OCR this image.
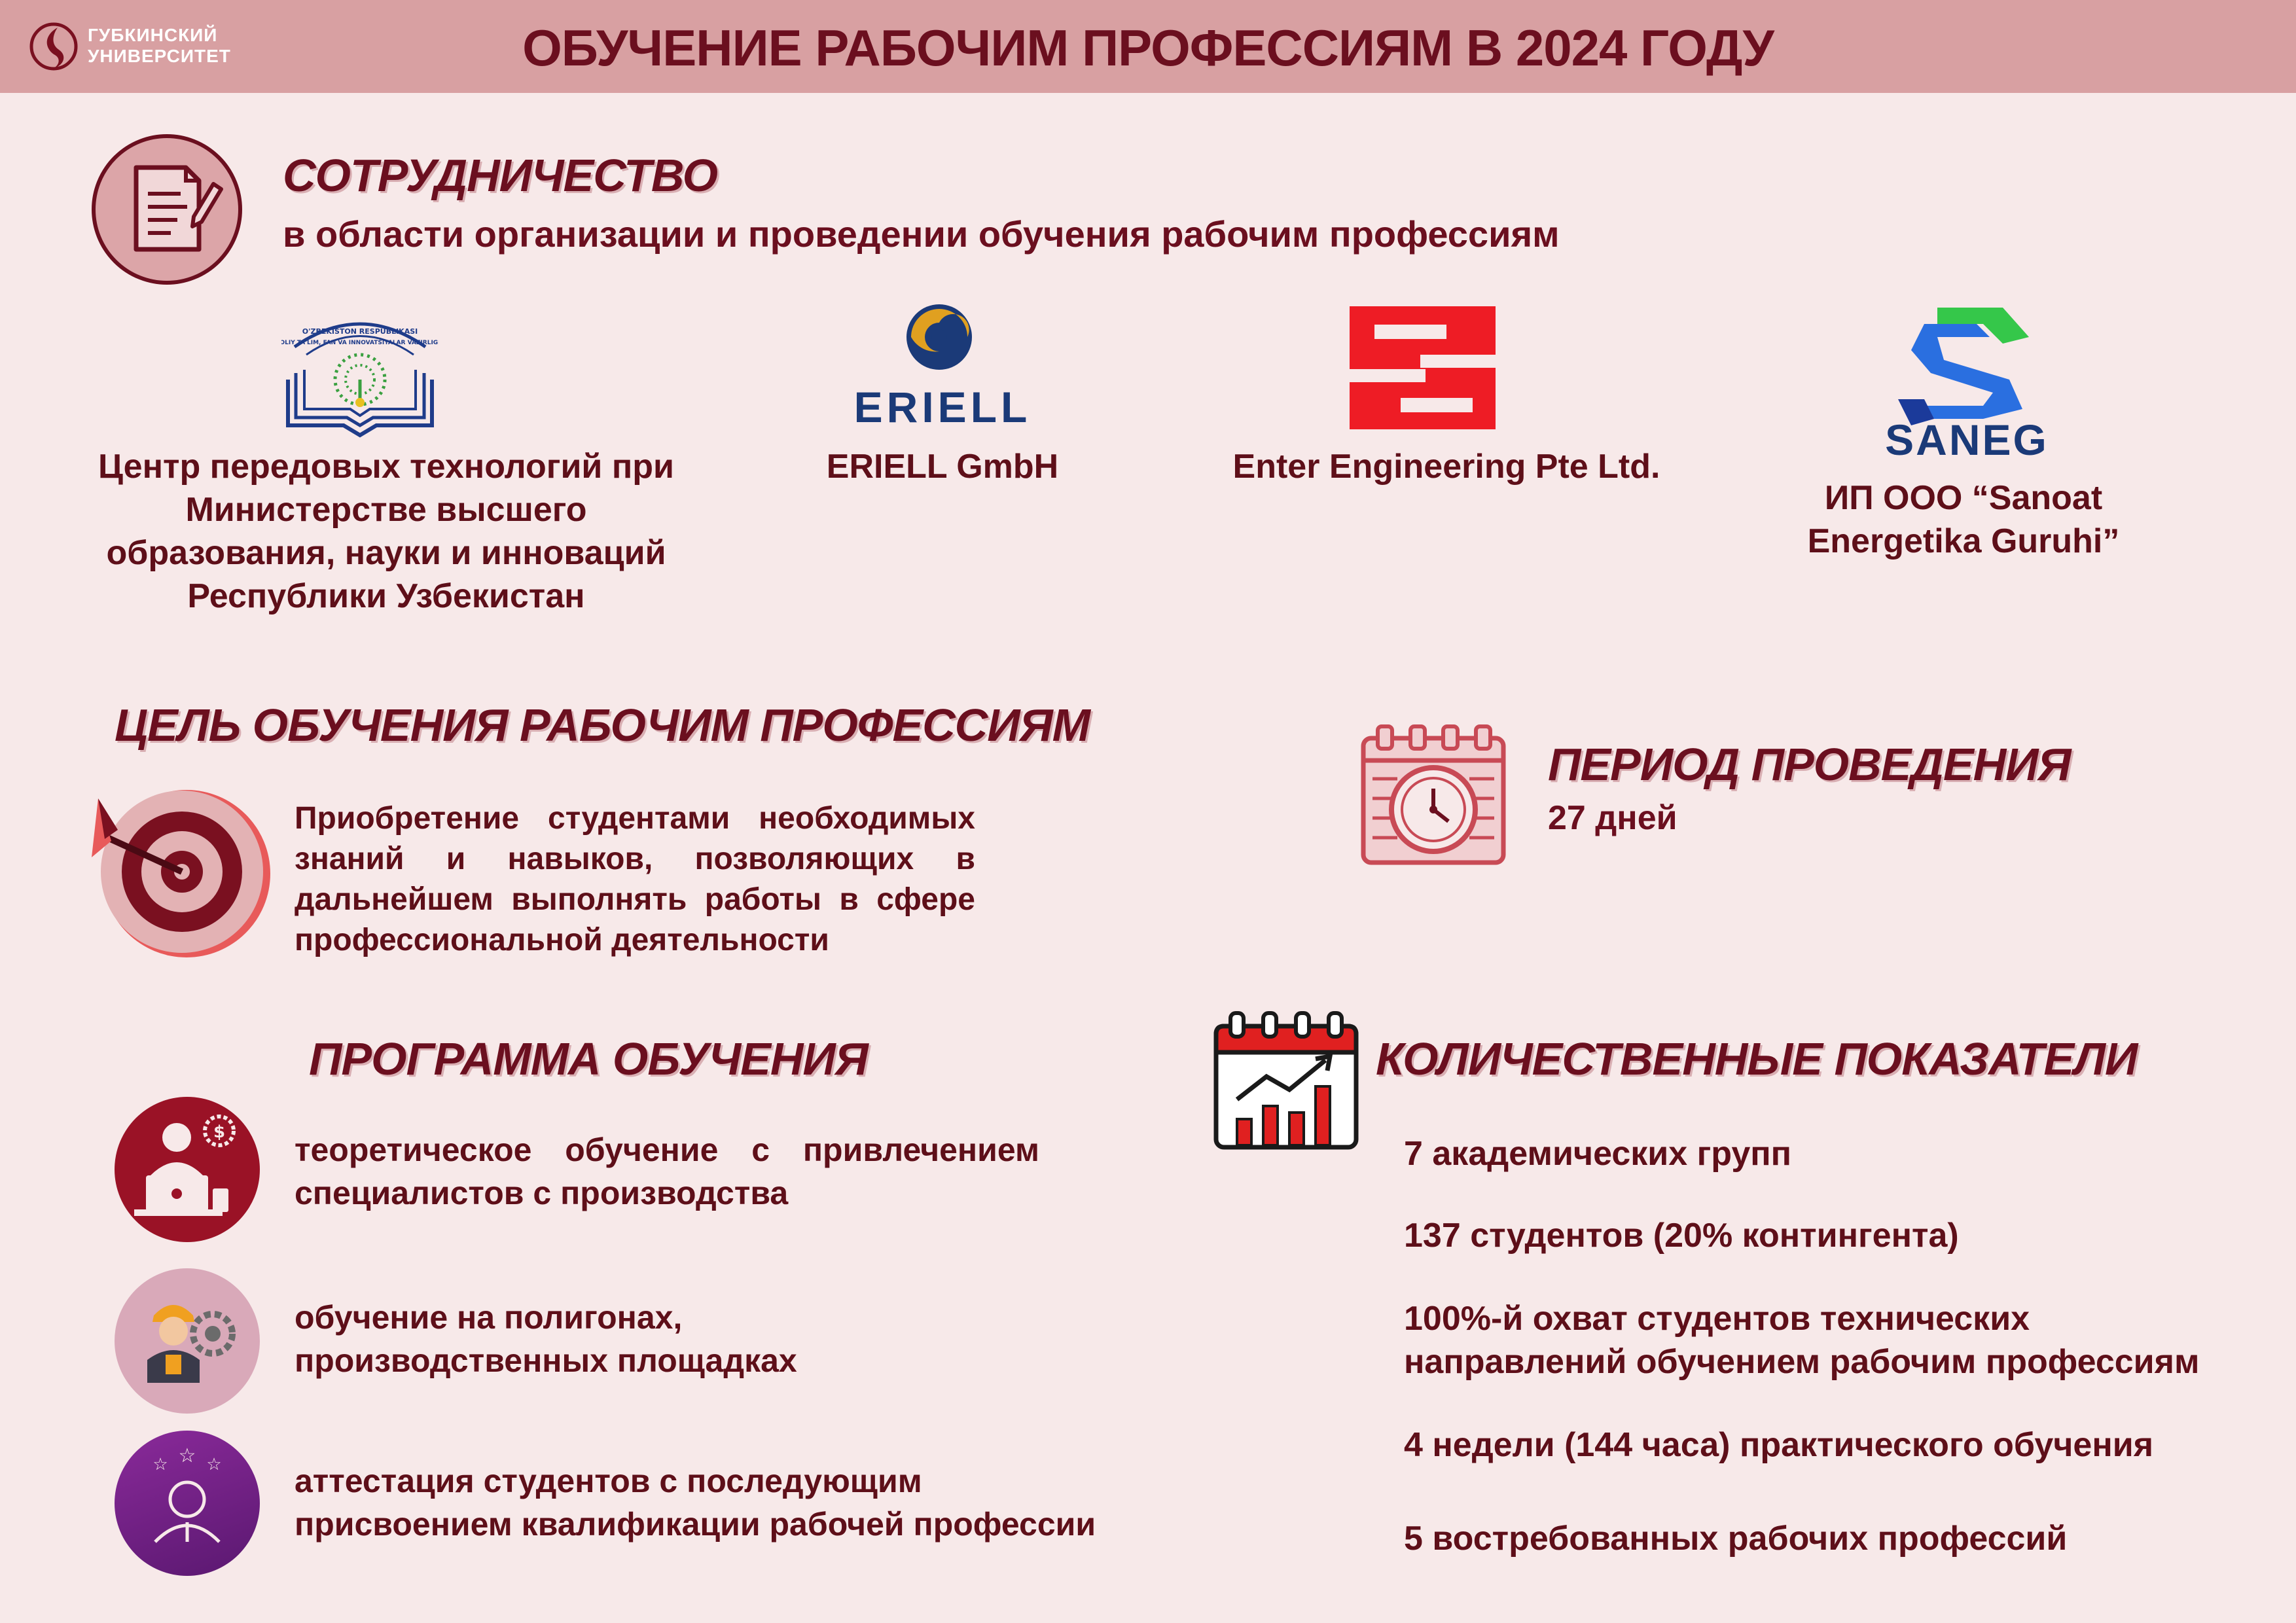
ГУБКИНСКИЙ
УНИВЕРСИТЕТ	ОБУЧЕНИЕ РАБОЧИМ ПРОФЕССИЯМ В 2024 ГОДУ
СОТРУДНИЧЕСТВО
в области организации и проведении обучения рабочим профессиям
O'ZBEKISTON RESPUBLIKASI
OLIY TA'LIM, FAN VA INNOVATSIYALAR VAZIRLIGI
Центр передовых технологий при
Министерстве высшего
образования, науки и инноваций
Республики Узбекистан
ERIELL
ERIELL GmbH	Enter Engineering Pte Ltd.
SANEG
ИП ООО “Sanoat
Energetika Guruhi”
ЦЕЛЬ ОБУЧЕНИЯ РАБОЧИМ ПРОФЕССИЯМ
Приобретение студентами необходимых
знаний и навыков, позволяющих в
дальнейшем выполнять работы в сфере
профессиональной деятельности
ПЕРИОД ПРОВЕДЕНИЯ
27 дней
ПРОГРАММА ОБУЧЕНИЯ
$ теоретическое обучение с привлечением
специалистов с производства
обучение на полигонах,
производственных площадках
☆ ☆ ☆ аттестация студентов с последующим
присвоением квалификации рабочей профессии
КОЛИЧЕСТВЕННЫЕ ПОКАЗАТЕЛИ
7 академических групп
137 студентов (20% контингента)
100%-й охват студентов технических
направлений обучением рабочим профессиям
4 недели (144 часа) практического обучения
5 востребованных рабочих профессий
